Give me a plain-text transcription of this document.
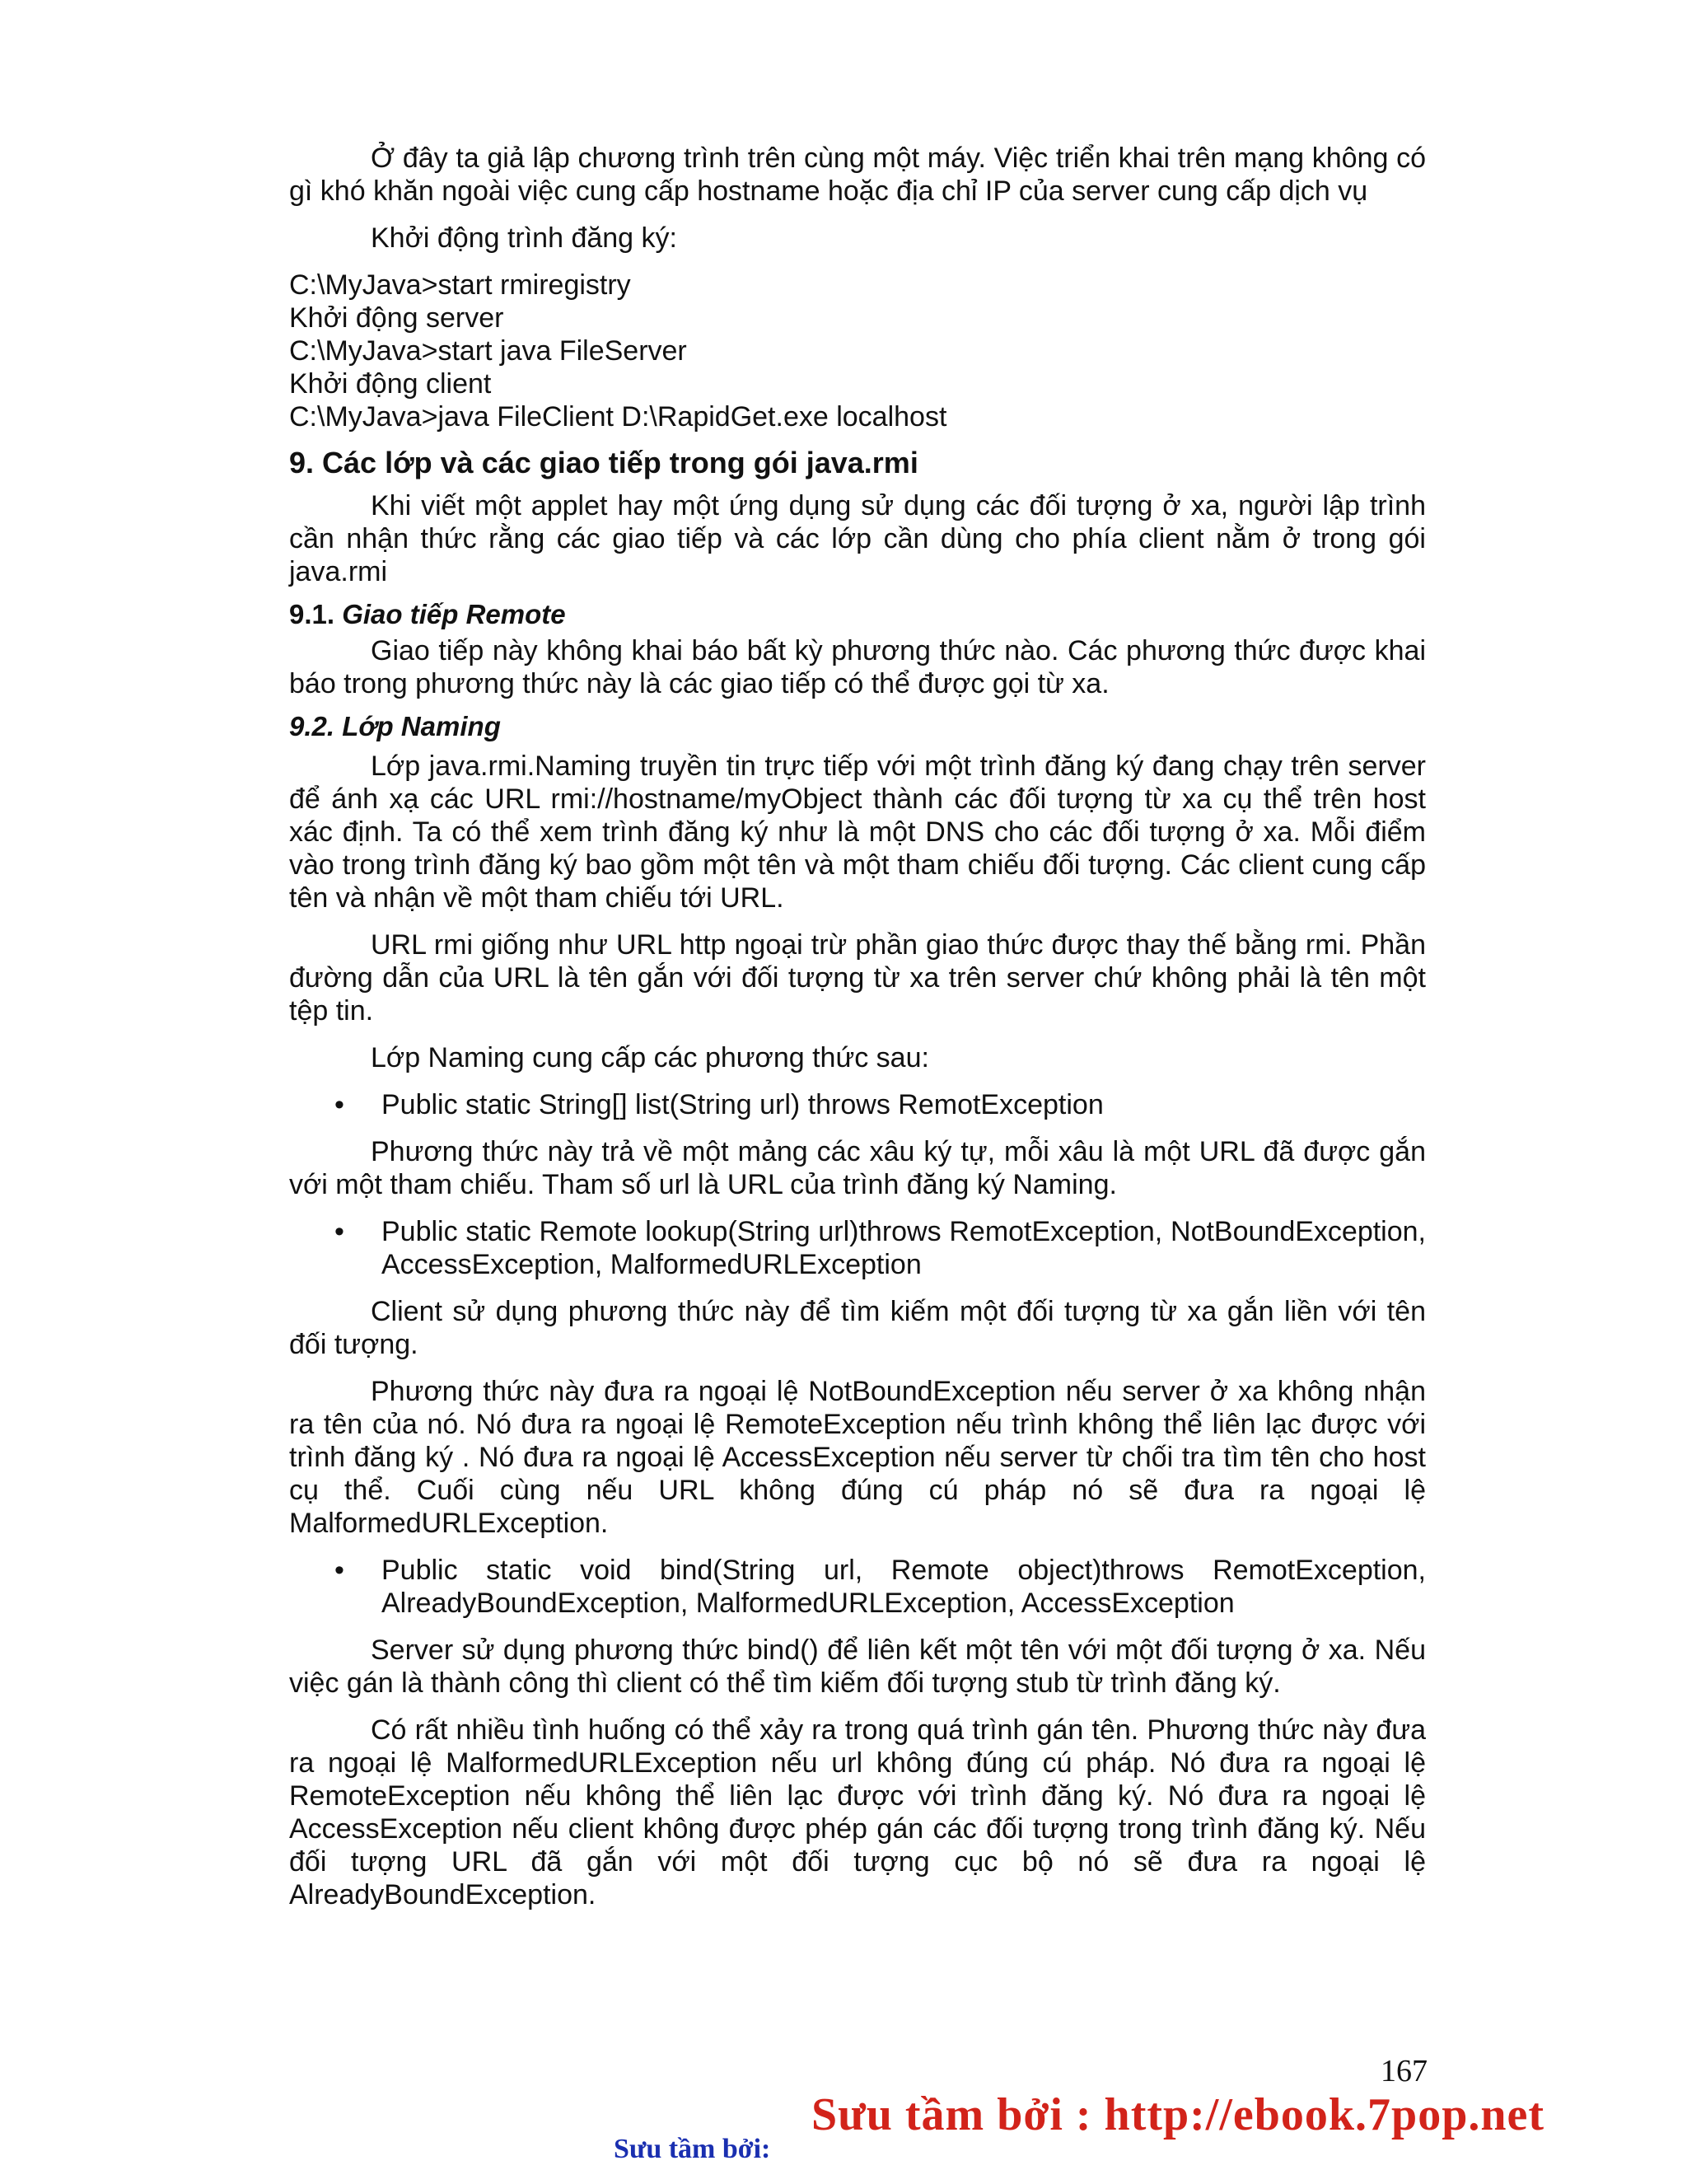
Ở đây ta giả lập chương trình trên cùng một máy. Việc triển khai trên mạng không có gì khó khăn ngoài việc cung cấp hostname hoặc địa chỉ IP của server cung cấp dịch vụ

Khởi động trình đăng ký:

C:\MyJava>start rmiregistry

Khởi động server

C:\MyJava>start java FileServer

Khởi động client

C:\MyJava>java FileClient D:\RapidGet.exe localhost

9. Các lớp và các giao tiếp trong gói java.rmi

Khi viết một applet hay một ứng dụng sử dụng các đối tượng ở xa, người lập trình cần nhận thức rằng các giao tiếp và các lớp cần dùng cho phía client nằm ở trong gói java.rmi

9.1. Giao tiếp Remote

Giao tiếp này không khai báo bất kỳ phương thức nào. Các phương thức được khai báo trong phương thức này là các giao tiếp có thể được gọi từ xa.

9.2. Lớp Naming

Lớp java.rmi.Naming truyền tin trực tiếp với một trình đăng ký đang chạy trên server để ánh xạ các URL rmi://hostname/myObject thành các đối tượng từ xa cụ thể trên host xác định. Ta có thể xem trình đăng ký như là một DNS cho các đối tượng ở xa. Mỗi điểm vào trong trình đăng ký bao gồm một tên và một tham chiếu đối tượng. Các client cung cấp tên và nhận về một tham chiếu tới URL.

URL rmi giống như URL http ngoại trừ phần giao thức được thay thế bằng rmi. Phần đường dẫn của URL là tên gắn với đối tượng từ xa trên server chứ không phải là tên một tệp tin.

Lớp Naming cung cấp các phương thức sau:

• Public static String[] list(String url) throws RemotException

Phương thức này trả về một mảng các xâu ký tự, mỗi xâu là một URL đã được gắn với một tham chiếu. Tham số url là URL của trình đăng ký Naming.

• Public static Remote lookup(String url)throws RemotException, NotBoundException, AccessException, MalformedURLException

Client sử dụng phương thức này để tìm kiếm một đối tượng từ xa gắn liền với tên đối tượng.

Phương thức này đưa ra ngoại lệ NotBoundException nếu server ở xa không nhận ra tên của nó. Nó đưa ra ngoại lệ RemoteException nếu trình không thể liên lạc được với trình đăng ký . Nó đưa ra ngoại lệ AccessException nếu server từ chối tra tìm tên cho host cụ thể. Cuối cùng nếu URL không đúng cú pháp nó sẽ đưa ra ngoại lệ MalformedURLException.

• Public static void bind(String url, Remote object)throws RemotException, AlreadyBoundException, MalformedURLException, AccessException

Server sử dụng phương thức bind() để liên kết một tên với một đối tượng ở xa. Nếu việc gán là thành công thì client có thể tìm kiếm đối tượng stub từ trình đăng ký.

Có rất nhiều tình huống có thể xảy ra trong quá trình gán tên. Phương thức này đưa ra ngoại lệ MalformedURLException nếu url không đúng cú pháp. Nó đưa ra ngoại lệ RemoteException nếu không thể liên lạc được với trình đăng ký. Nó đưa ra ngoại lệ AccessException nếu client không được phép gán các đối tượng trong trình đăng ký. Nếu đối tượng URL đã gắn với một đối tượng cục bộ nó sẽ đưa ra ngoại lệ AlreadyBoundException.

167
Sưu tầm bởi : http://ebook.7pop.net
Sưu tầm bởi:
